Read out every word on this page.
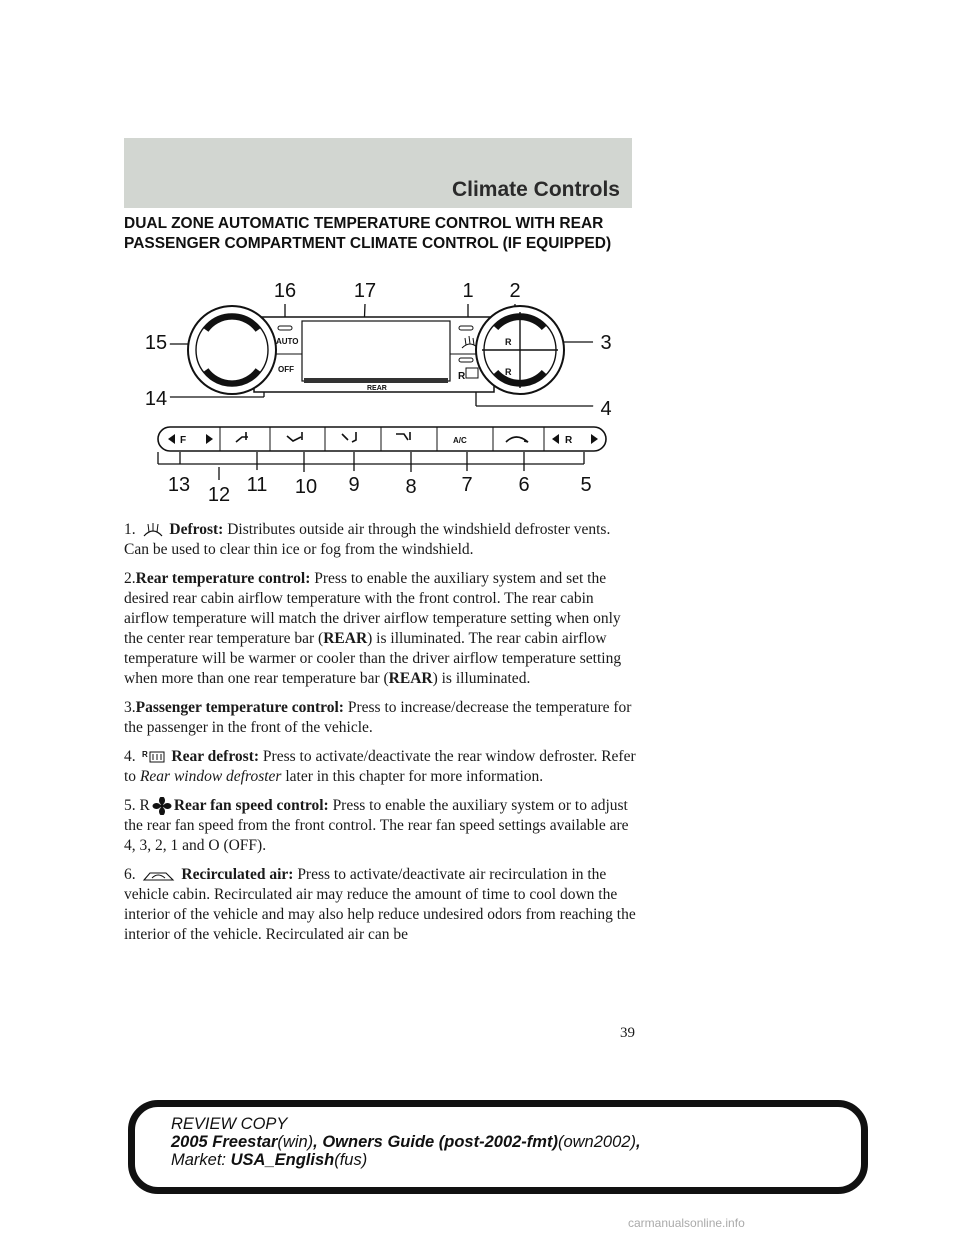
Climate Controls
DUAL ZONE AUTOMATIC TEMPERATURE CONTROL WITH REAR PASSENGER COMPARTMENT CLIMATE CONTROL (IF EQUIPPED)
AUTO
OFF
REAR
R
R
R
F	A/C	R
1 2
3
4
5
6
7
8
9
10
11
12
13
14
15
16	17

1. Defrost: Distributes outside air through the windshield defroster vents. Can be used to clear thin ice or fog from the windshield.

2.Rear temperature control: Press to enable the auxiliary system and set the desired rear cabin airflow temperature with the front control. The rear cabin airflow temperature will match the driver airflow temperature setting when only the center rear temperature bar (REAR) is illuminated. The rear cabin airflow temperature will be warmer or cooler than the driver airflow temperature setting when more than one rear temperature bar (REAR) is illuminated.

3.Passenger temperature control: Press to increase/decrease the temperature for the passenger in the front of the vehicle.

4. R Rear defrost: Press to activate/deactivate the rear window defroster. Refer to Rear window defroster later in this chapter for more information.

5. R Rear fan speed control: Press to enable the auxiliary system or to adjust the rear fan speed from the front control. The rear fan speed settings available are 4, 3, 2, 1 and O (OFF).

6.	Recirculated air: Press to activate/deactivate air recirculation in the vehicle cabin. Recirculated air may reduce the amount of time to cool down the interior of the vehicle and may also help reduce undesired odors from reaching the interior of the vehicle. Recirculated air can be

39
REVIEW COPY
2005 Freestar(win), Owners Guide (post-2002-fmt)(own2002),
Market: USA_English(fus)
carmanualsonline.info
